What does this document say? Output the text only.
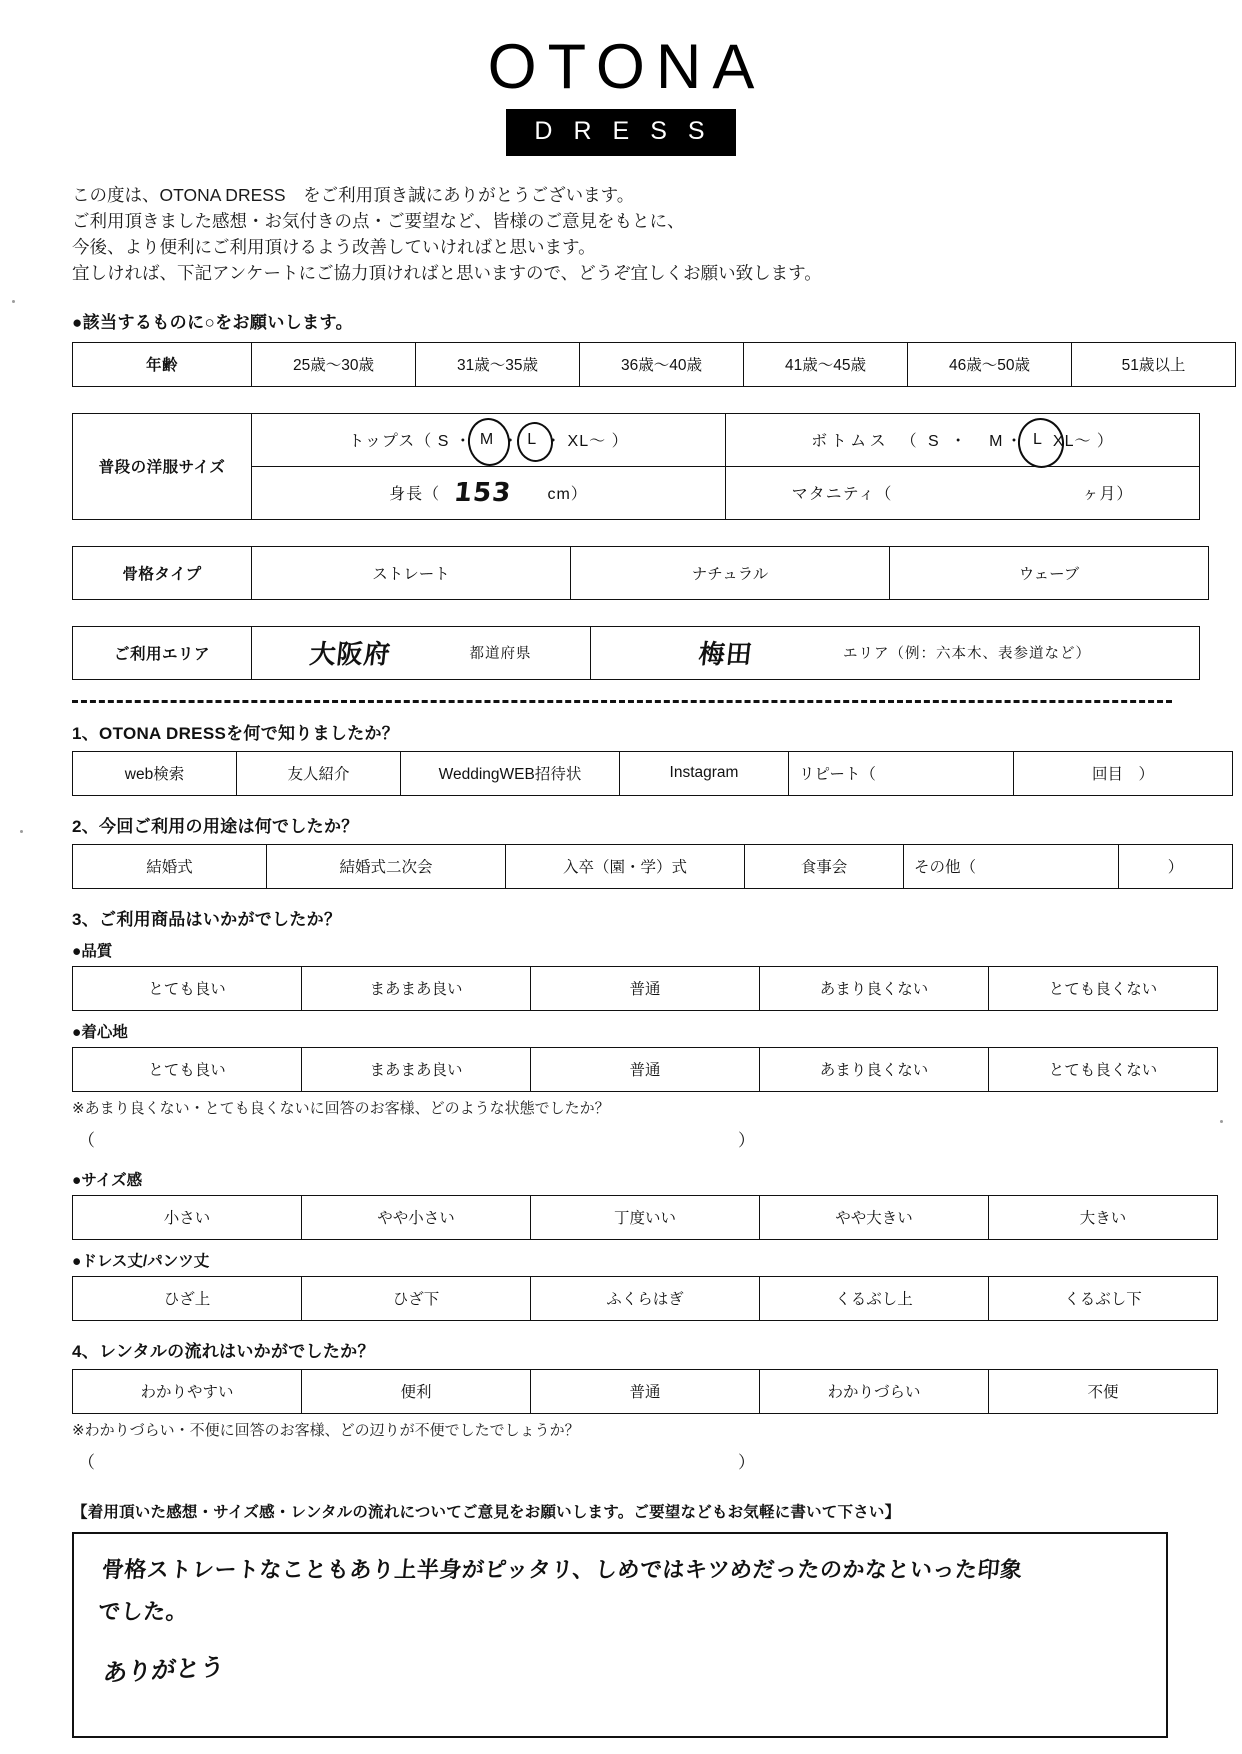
OTONA
DRESS
この度は、OTONA DRESS　をご利用頂き誠にありがとうございます。
ご利用頂きました感想・お気付きの点・ご要望など、皆様のご意見をもとに、
今後、より便利にご利用頂けるよう改善していければと思います。
宜しければ、下記アンケートにご協力頂ければと思いますので、どうぞ宜しくお願い致します。
●該当するものに○をお願いします。
年齢	25歳～30歳	31歳～35歳	36歳～40歳	41歳～45歳	46歳～50歳	51歳以上
普段の洋服サイズ	トップス（ S ・ M ・ L ・ XL～ ）	ボトムス　（ S ・　M ・ L XL～ ）

	身長（ 153 cm）	マタニティ（ ヶ月）
骨格タイプ	ストレート	ナチュラル	ウェーブ
ご利用エリア	大阪府	都道府県	梅田	エリア（例：六本木、表参道など）
1、OTONA DRESSを何で知りましたか？
web検索	友人紹介	WeddingWEB招待状	Instagram	リピート（	回目　）
2、今回ご利用の用途は何でしたか？
結婚式	結婚式二次会	入卒（園・学）式	食事会	その他（	）
3、ご利用商品はいかがでしたか？
●品質
とても良い	まあまあ良い	普通	あまり良くない	とても良くない
●着心地
とても良い	まあまあ良い	普通	あまり良くない	とても良くない
※あまり良くない・とても良くないに回答のお客様、どのような状態でしたか？
（	）
●サイズ感
小さい	やや小さい	丁度いい	やや大きい	大きい
●ドレス丈/パンツ丈
ひざ上	ひざ下	ふくらはぎ	くるぶし上	くるぶし下
4、レンタルの流れはいかがでしたか？
わかりやすい	便利	普通	わかりづらい	不便
※わかりづらい・不便に回答のお客様、どの辺りが不便でしたでしょうか？
（	）
【着用頂いた感想・サイズ感・レンタルの流れについてご意見をお願いします。ご要望などもお気軽に書いて下さい】
骨格ストレートなこともあり上半身がピッタリ、しめではキツめだったのかなといった印象
でした。
ありがとう
